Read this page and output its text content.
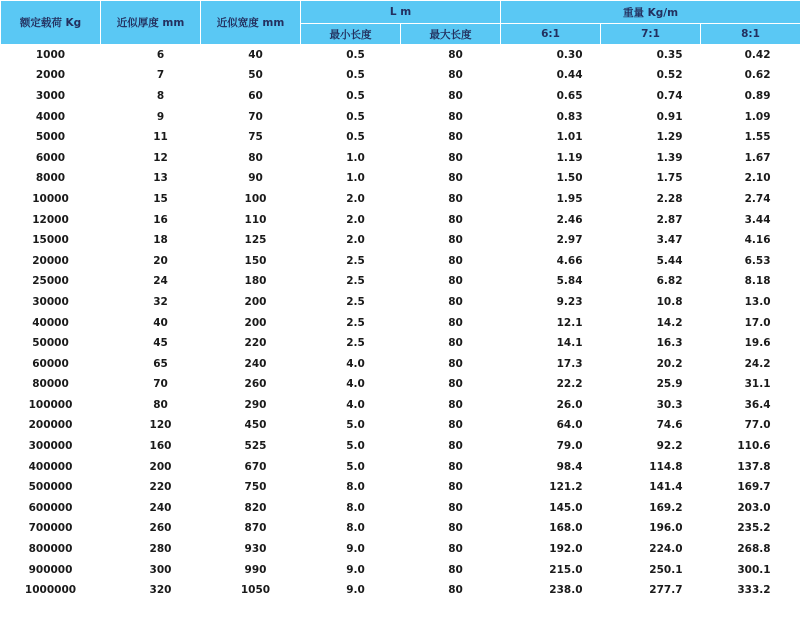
额定载荷 Kg	近似厚度 mm	近似宽度 mm	L m		重量 Kg/m		
			最小长度	最大长度	6:1	7:1	8:1
1000	6	40	0.5	80	0.30	0.35	0.42
2000	7	50	0.5	80	0.44	0.52	0.62
3000	8	60	0.5	80	0.65	0.74	0.89
4000	9	70	0.5	80	0.83	0.91	1.09
5000	11	75	0.5	80	1.01	1.29	1.55
6000	12	80	1.0	80	1.19	1.39	1.67
8000	13	90	1.0	80	1.50	1.75	2.10
10000	15	100	2.0	80	1.95	2.28	2.74
12000	16	110	2.0	80	2.46	2.87	3.44
15000	18	125	2.0	80	2.97	3.47	4.16
20000	20	150	2.5	80	4.66	5.44	6.53
25000	24	180	2.5	80	5.84	6.82	8.18
30000	32	200	2.5	80	9.23	10.8	13.0
40000	40	200	2.5	80	12.1	14.2	17.0
50000	45	220	2.5	80	14.1	16.3	19.6
60000	65	240	4.0	80	17.3	20.2	24.2
80000	70	260	4.0	80	22.2	25.9	31.1
100000	80	290	4.0	80	26.0	30.3	36.4
200000	120	450	5.0	80	64.0	74.6	77.0
300000	160	525	5.0	80	79.0	92.2	110.6
400000	200	670	5.0	80	98.4	114.8	137.8
500000	220	750	8.0	80	121.2	141.4	169.7
600000	240	820	8.0	80	145.0	169.2	203.0
700000	260	870	8.0	80	168.0	196.0	235.2
800000	280	930	9.0	80	192.0	224.0	268.8
900000	300	990	9.0	80	215.0	250.1	300.1
1000000	320	1050	9.0	80	238.0	277.7	333.2
